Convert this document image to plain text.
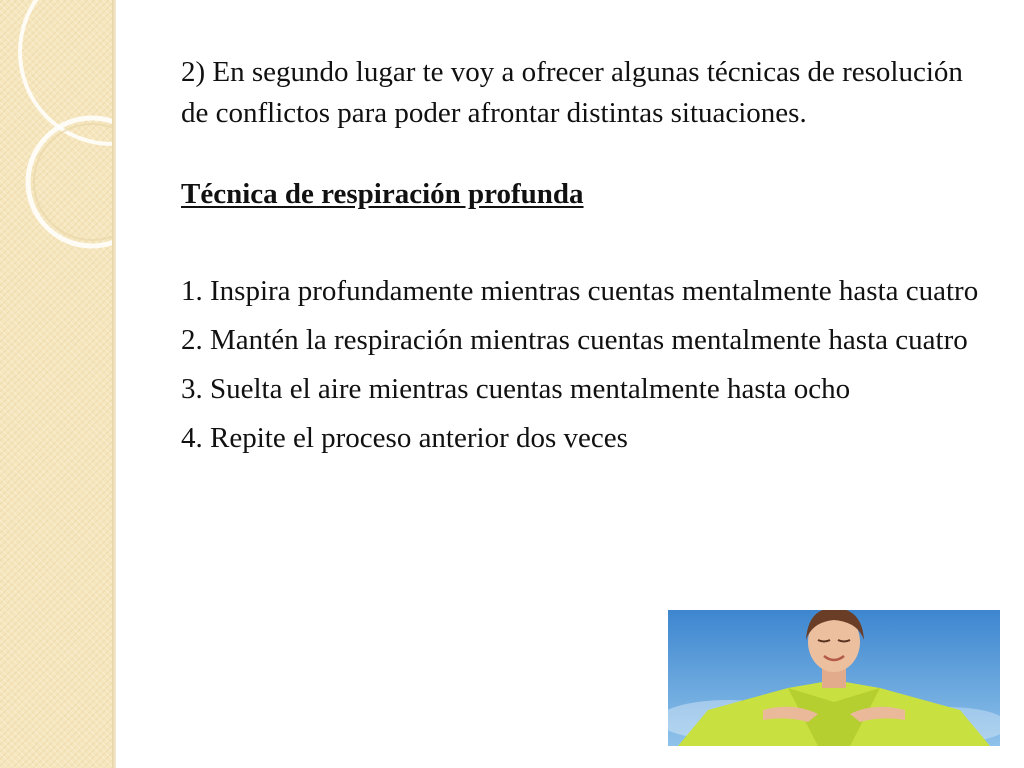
2) En segundo lugar te voy a ofrecer algunas técnicas de resolución de conflictos para poder afrontar distintas situaciones.

Técnica de respiración profunda

1. Inspira profundamente mientras cuentas mentalmente hasta cuatro
2. Mantén la respiración mientras cuentas mentalmente hasta cuatro
3. Suelta el aire mientras cuentas mentalmente hasta ocho
4. Repite el proceso anterior dos veces
